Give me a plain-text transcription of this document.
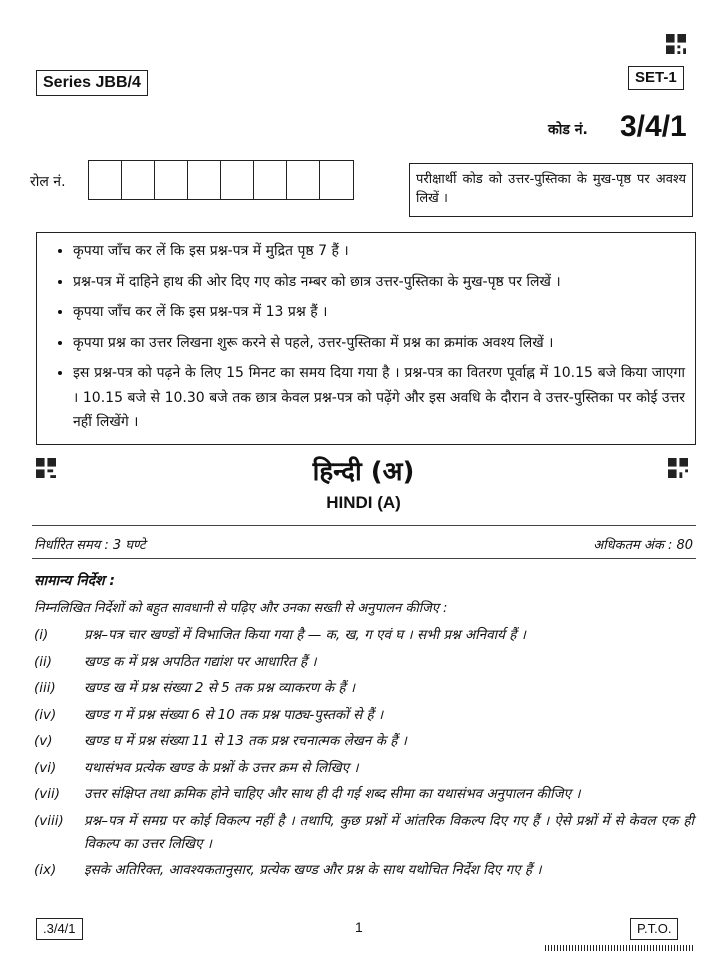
Series JBB/4	SET-1
कोड नं. 3/4/1
रोल नं.	परीक्षार्थी कोड को उत्तर-पुस्तिका के मुख-पृष्ठ पर अवश्य लिखें ।
• कृपया जाँच कर लें कि इस प्रश्न-पत्र में मुद्रित पृष्ठ 7 हैं ।
• प्रश्न-पत्र में दाहिने हाथ की ओर दिए गए कोड नम्बर को छात्र उत्तर-पुस्तिका के मुख-पृष्ठ पर लिखें ।
• कृपया जाँच कर लें कि इस प्रश्न-पत्र में 13 प्रश्न हैं ।
• कृपया प्रश्न का उत्तर लिखना शुरू करने से पहले, उत्तर-पुस्तिका में प्रश्न का क्रमांक अवश्य लिखें ।
• इस प्रश्न-पत्र को पढ़ने के लिए 15 मिनट का समय दिया गया है । प्रश्न-पत्र का वितरण पूर्वाह्न में 10.15 बजे किया जाएगा । 10.15 बजे से 10.30 बजे तक छात्र केवल प्रश्न-पत्र को पढ़ेंगे और इस अवधि के दौरान वे उत्तर-पुस्तिका पर कोई उत्तर नहीं लिखेंगे ।
हिन्दी (अ)
HINDI (A)
निर्धारित समय : 3 घण्टे	अधिकतम अंक : 80
सामान्य निर्देश :
निम्नलिखित निर्देशों को बहुत सावधानी से पढ़िए और उनका सख्ती से अनुपालन कीजिए :
(i)	प्रश्न–पत्र चार खण्डों में विभाजित किया गया है — क, ख, ग एवं घ । सभी प्रश्न अनिवार्य हैं ।
(ii)	खण्ड क में प्रश्न अपठित गद्यांश पर आधारित हैं ।
(iii)	खण्ड ख में प्रश्न संख्या 2 से 5 तक प्रश्न व्याकरण के हैं ।
(iv)	खण्ड ग में प्रश्न संख्या 6 से 10 तक प्रश्न पाठ्य-पुस्तकों से हैं ।
(v)	खण्ड घ में प्रश्न संख्या 11 से 13 तक प्रश्न रचनात्मक लेखन के हैं ।
(vi)	यथासंभव प्रत्येक खण्ड के प्रश्नों के उत्तर क्रम से लिखिए ।
(vii)	उत्तर संक्षिप्त तथा क्रमिक होने चाहिए और साथ ही दी गई शब्द सीमा का यथासंभव अनुपालन कीजिए ।
(viii)	प्रश्न–पत्र में समग्र पर कोई विकल्प नहीं है । तथापि, कुछ प्रश्नों में आंतरिक विकल्प दिए गए हैं । ऐसे प्रश्नों में से केवल एक ही विकल्प का उत्तर लिखिए ।
(ix)	इसके अतिरिक्त, आवश्यकतानुसार, प्रत्येक खण्ड और प्रश्न के साथ यथोचित निर्देश दिए गए हैं ।
.3/4/1	1	P.T.O.
